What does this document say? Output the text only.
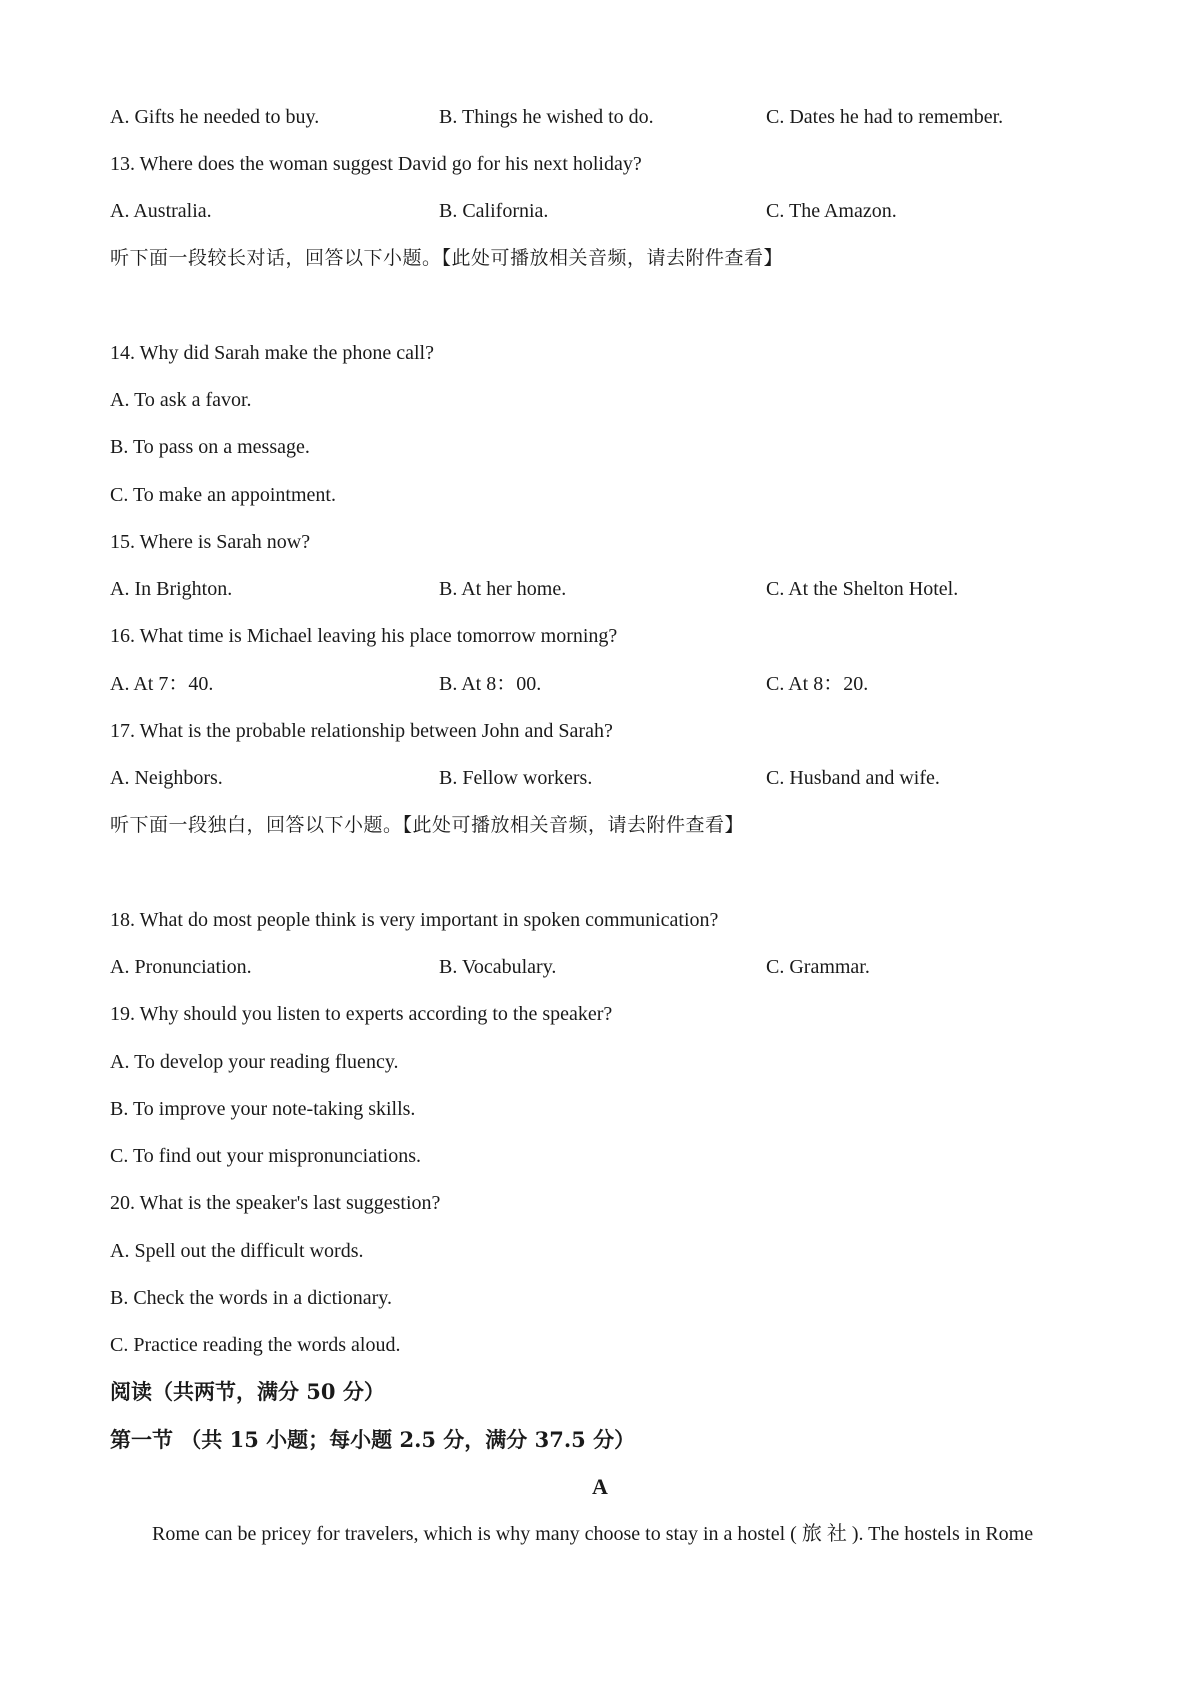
A. Gifts he needed to buy.	B. Things he wished to do.	C. Dates he had to remember.
13. Where does the woman suggest David go for his next holiday?
A. Australia.	B. California.	C. The Amazon.
听下面一段较长对话，回答以下小题。【此处可播放相关音频，请去附件查看】
14. Why did Sarah make the phone call?
A. To ask a favor.
B. To pass on a message.
C. To make an appointment.
15. Where is Sarah now?
A. In Brighton.	B. At her home.	C. At the Shelton Hotel.
16. What time is Michael leaving his place tomorrow morning?
A. At 7：40.	B. At 8：00.	C. At 8：20.
17. What is the probable relationship between John and Sarah?
A. Neighbors.	B. Fellow workers.	C. Husband and wife.
听下面一段独白，回答以下小题。【此处可播放相关音频，请去附件查看】
18. What do most people think is very important in spoken communication?
A. Pronunciation.	B. Vocabulary.	C. Grammar.
19. Why should you listen to experts according to the speaker?
A. To develop your reading fluency.
B. To improve your note-taking skills.
C. To find out your mispronunciations.
20. What is the speaker's last suggestion?
A. Spell out the difficult words.
B. Check the words in a dictionary.
C. Practice reading the words aloud.
阅读（共两节，满分 50 分）
第一节 （共 15 小题；每小题 2.5 分，满分 37.5 分）
A
Rome can be pricey for travelers, which is why many choose to stay in a hostel ( 旅 社 ). The hostels in Rome
